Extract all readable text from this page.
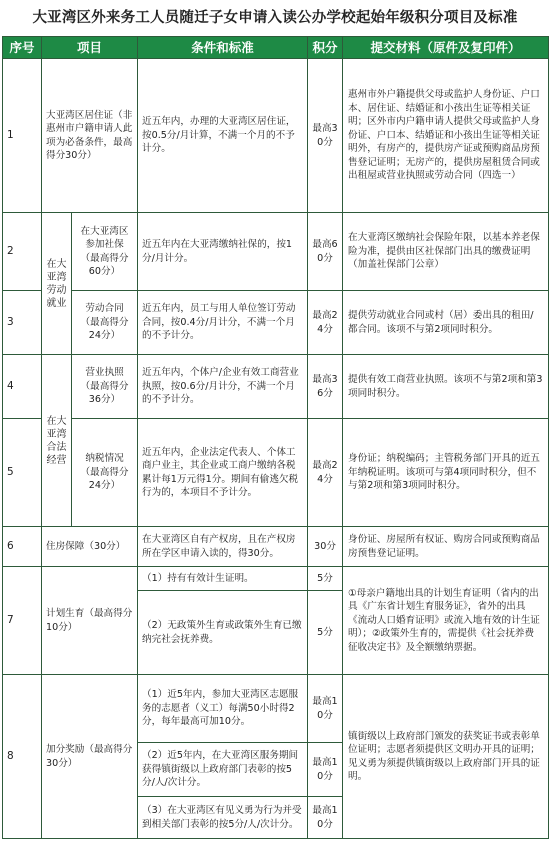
大亚湾区外来务工人员随迁子女申请入读公办学校起始年级积分项目及标准
序号	项目		条件和标准	积分	提交材料（原件及复印件）
1	大亚湾区居住证（非惠州市户籍申请人此项为必备条件，最高得分30分）		近五年内，办理的大亚湾区居住证，按0.5分/月计算，不满一个月的不予计分。	最高30分	惠州市外户籍提供父母或监护人身份证、户口本、居住证、结婚证和小孩出生证等相关证明；区外市内户籍申请人提供父母或监护人身份证、户口本、结婚证和小孩出生证等相关证明外，有房产的，提供房产证或预购商品房预售登记证明；无房产的，提供房屋租赁合同或出租屋或营业执照或劳动合同（四选一）
2	在大亚湾劳动就业	在大亚湾区参加社保（最高得分60分）	近五年内在大亚湾缴纳社保的，按1分/月计分。	最高60分	在大亚湾区缴纳社会保险年限，以基本养老保险为准，提供由区社保部门出具的缴费证明（加盖社保部门公章）
3		劳动合同（最高得分24分）	近五年内，员工与用人单位签订劳动合同，按0.4分/月计分，不满一个月的不予计分。	最高24分	提供劳动就业合同或村（居）委出具的租田/都合同。该项不与第2项同时积分。
4	在大亚湾合法经营	营业执照（最高得分36分）	近五年内，个体户/企业有效工商营业执照，按0.6分/月计分，不满一个月的不予计分。	最高36分	提供有效工商营业执照。该项不与第2项和第3项同时积分。
5		纳税情况（最高得分24分）	近五年内，企业法定代表人、个体工商户业主，其企业或工商户缴纳各税累计每1万元得1分。期间有偷逃欠税行为的，本项目不予计分。	最高24分	身份证；纳税编码；主管税务部门开具的近五年纳税证明。该项可与第4项同时积分，但不与第2项和第3项同时积分。
6	住房保障（30分）		在大亚湾区自有产权房，且在产权房所在学区申请入读的，得30分。	30分	身份证、房屋所有权证、购房合同或预购商品房预售登记证明。
7	计划生育（最高得分10分）		（1）持有有效计生证明。	5分	①母亲户籍地出具的计划生育证明（省内的出具《广东省计划生育服务证》，省外的出具《流动人口婚育证明》或流入地有效的计生证明）；②政策外生育的，需提供《社会抚养费征收决定书》及全额缴纳票据。
			（2）无政策外生育或政策外生育已缴纳完社会抚养费。	5分	
8	加分奖励（最高得分30分）		（1）近5年内，参加大亚湾区志愿服务的志愿者（义工）每满50小时得2分，每年最高可加10分。	最高10分	镇街级以上政府部门颁发的获奖证书或表彰单位证明；志愿者须提供区文明办开具的证明；见义勇为须提供镇街级以上政府部门开具的证明。
			（2）近5年内，在大亚湾区服务期间获得镇街级以上政府部门表彰的按5分/人/次计分。	最高10分	
			（3）在大亚湾区有见义勇为行为并受到相关部门表彰的按5分/人/次计分。	最高10分	
